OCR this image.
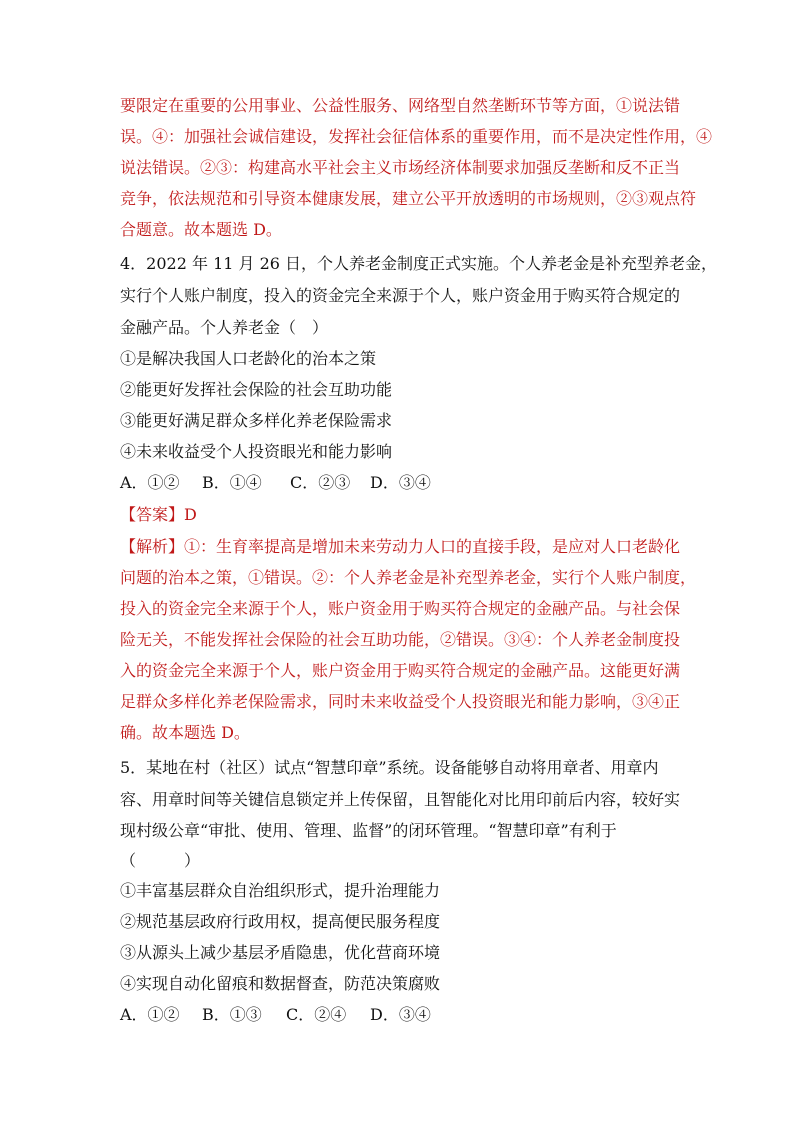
要限定在重要的公用事业、公益性服务、网络型自然垄断环节等方面，①说法错
误。④：加强社会诚信建设，发挥社会征信体系的重要作用，而不是决定性作用，④
说法错误。②③：构建高水平社会主义市场经济体制要求加强反垄断和反不正当
竞争，依法规范和引导资本健康发展，建立公平开放透明的市场规则，②③观点符
合题意。故本题选 D。
4．2022 年 11 月 26 日，个人养老金制度正式实施。个人养老金是补充型养老金，
实行个人账户制度，投入的资金完全来源于个人，账户资金用于购买符合规定的
金融产品。个人养老金（　）
①是解决我国人口老龄化的治本之策
②能更好发挥社会保险的社会互助功能
③能更好满足群众多样化养老保险需求
④未来收益受个人投资眼光和能力影响
A．①② B．①④ C．②③ D．③④
【答案】D
【解析】①：生育率提高是增加未来劳动力人口的直接手段，是应对人口老龄化
问题的治本之策，①错误。②：个人养老金是补充型养老金，实行个人账户制度，
投入的资金完全来源于个人，账户资金用于购买符合规定的金融产品。与社会保
险无关，不能发挥社会保险的社会互助功能，②错误。③④：个人养老金制度投
入的资金完全来源于个人，账户资金用于购买符合规定的金融产品。这能更好满
足群众多样化养老保险需求，同时未来收益受个人投资眼光和能力影响，③④正
确。故本题选 D。
5．某地在村（社区）试点“智慧印章”系统。设备能够自动将用章者、用章内
容、用章时间等关键信息锁定并上传保留，且智能化对比用印前后内容，较好实
现村级公章“审批、使用、管理、监督”的闭环管理。“智慧印章”有利于
（　　　）
①丰富基层群众自治组织形式，提升治理能力
②规范基层政府行政用权，提高便民服务程度
③从源头上减少基层矛盾隐患，优化营商环境
④实现自动化留痕和数据督查，防范决策腐败
A．①② B．①③ C．②④ D．③④
